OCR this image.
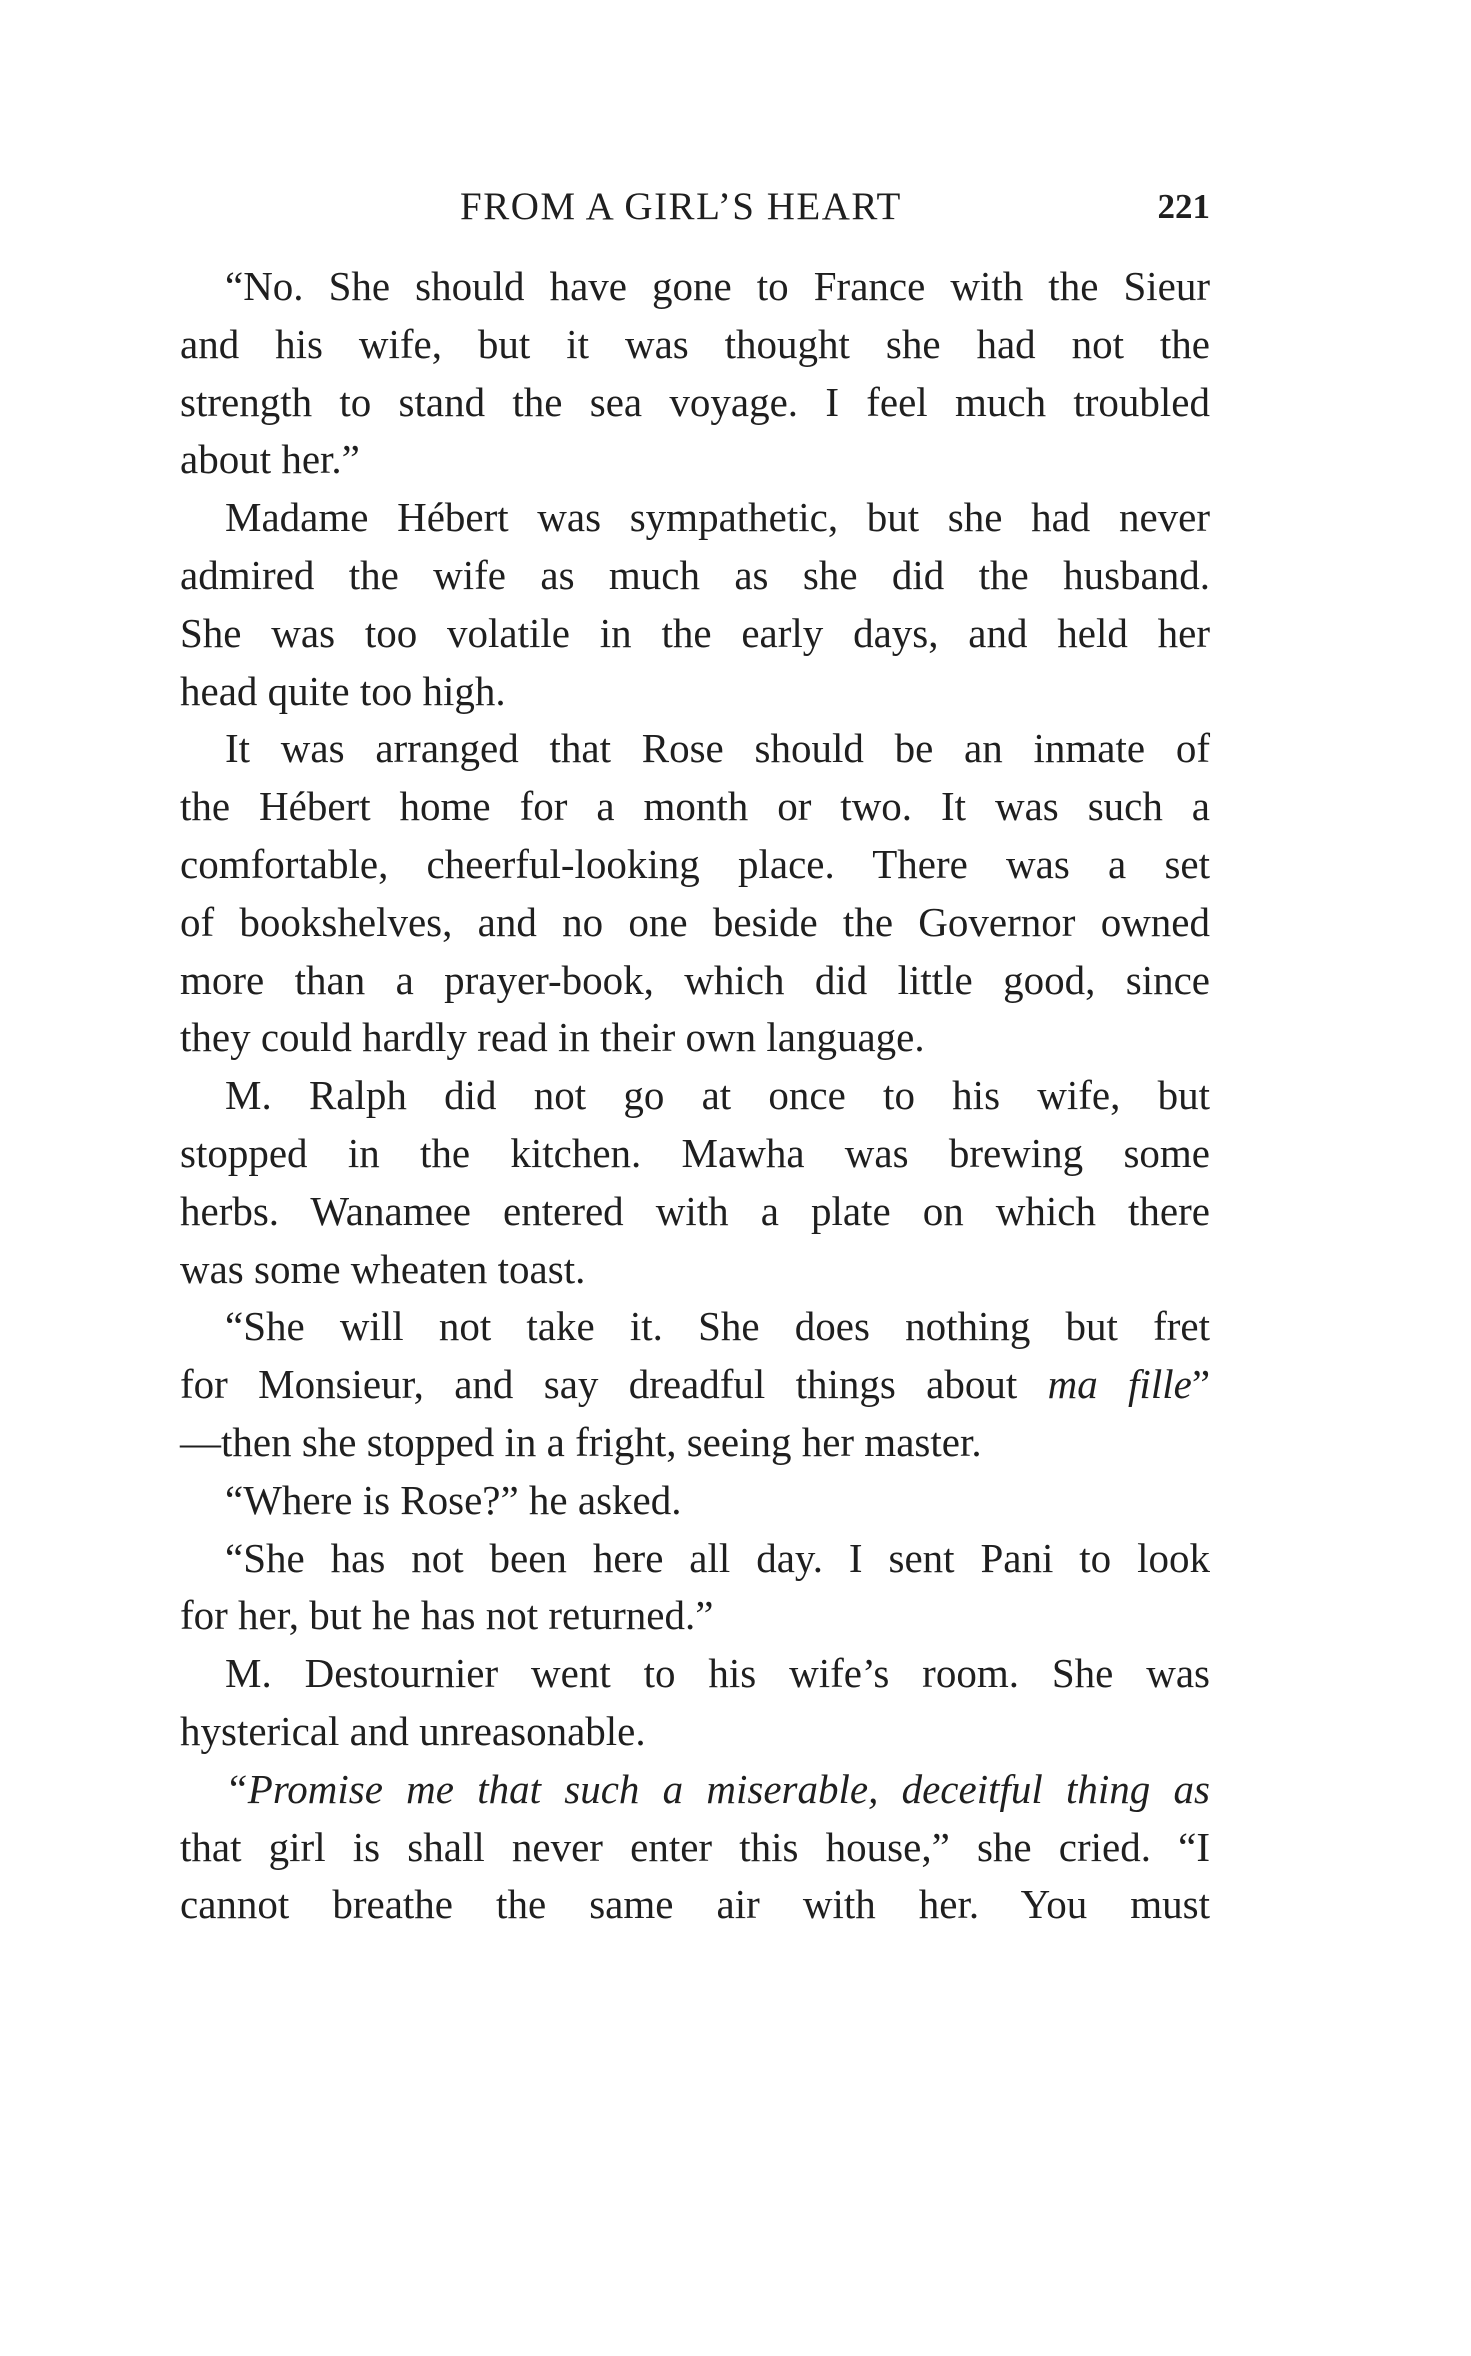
FROM A GIRL’S HEART	221
“No. She should have gone to France with the Sieur
and his wife, but it was thought she had not the
strength to stand the sea voyage. I feel much troubled
about her.”
Madame Hébert was sympathetic, but she had never
admired the wife as much as she did the husband.
She was too volatile in the early days, and held her
head quite too high.
It was arranged that Rose should be an inmate of
the Hébert home for a month or two. It was such a
comfortable, cheerful-looking place. There was a set
of bookshelves, and no one beside the Governor owned
more than a prayer-book, which did little good, since
they could hardly read in their own language.
M. Ralph did not go at once to his wife, but
stopped in the kitchen. Mawha was brewing some
herbs. Wanamee entered with a plate on which there
was some wheaten toast.
“She will not take it. She does nothing but fret
for Monsieur, and say dreadful things about ma fille”
—then she stopped in a fright, seeing her master.
“Where is Rose?” he asked.
“She has not been here all day. I sent Pani to look
for her, but he has not returned.”
M. Destournier went to his wife’s room. She was
hysterical and unreasonable.
“Promise me that such a miserable, deceitful thing as
that girl is shall never enter this house,” she cried. “I
cannot breathe the same air with her. You must
